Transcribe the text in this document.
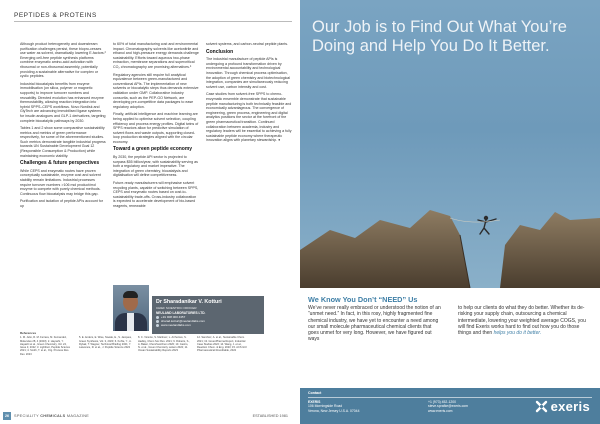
PEPTIDES & PROTEINS

Although product heterogeneity and downstream purification challenges persist, these biopro-cesses use water as solvent, dramatically lowering E-factors.² Emerging cell-free peptide synthesis platforms combine enzymatic amino-acid activation with ribosomal or non-ribosomal assembly, potentially providing a sustainable alternative for complex or cyclic peptides.

Industrial biocatalysis benefits from enzyme immobilisation (on silica, polymer or magnetic supports) to improve turnover numbers and reusability. Directed evolution has enhanced enzyme thermostability, allowing reaction integration into hybrid SPPS–CEPS workflows. Novo Nordisk and GlyTech are advancing immobilised ligase systems for insulin analogues and GLP-1 derivatives, targeting complete biocatalytic pathways by 2030.

Tables 1 and 2 show some comparative sustainability metrics and metrics of green performance respectively, for some of the aforementioned studies. Such metrics demonstrate tangible industrial progress towards UN Sustainable Development Goal 12 (Responsible Consumption & Production) while maintaining economic viability.

Challenges & future perspectives

While CEPS and enzymatic routes have proven conceptually sustainable, enzyme cost and solvent stability remain limitations. Industrial processes require turnover numbers >106 mol product/mol enzyme to compete with purely chemical methods. Continuous flow biocatalysis may bridge this gap.

Purification and isolation of peptide APIs account for up

to 60% of total manufacturing cost and environmental impact. Chromatography solvents like acetonitrile and ethanol and high-pressure energy demands challenge sustainability. Efforts toward aqueous two-phase extraction, membrane separations and supercritical CO₂ chromatography are promising alternatives.⁵

Regulatory agencies still require full analytical equivalence between green-manufactured and conventional APIs. The implementation of new solvents or biocatalytic steps thus demands extensive validation under GMP. Collaborative industry consortia, such as the PEP-GO Network, are developing pre-competitive data packages to ease regulatory adoption.

Finally, artificial intelligence and machine learning are being applied to optimise solvent selection, coupling efficiency and process energy profiles. Digital twins of SPPS reactors allow for predictive simulation of solvent flows and waste outputs, supporting closed-loop production strategies aligned with the circular economy.

Toward a green peptide economy

By 2030, the peptide API sector is projected to surpass $55 billion/year, with sustainability serving as both a regulatory and market imperative. The integration of green chemistry, biocatalysis and digitalisation will define competitiveness.

Future-ready manufacturers will emphasise solvent recycling plants, capable of switching between SPPS, CEPS and enzymatic routes based on cost-to-sustainability trade-offs. Cross-industry collaboration is expected to accelerate development of bio-based reagents, renewable

solvent systems, and carbon-neutral peptide plants.

Conclusion

The industrial manufacture of peptide APIs is undergoing a profound transformation driven by environmental accountability and technological innovation. Through chemical process optimisation, the adoption of green chemistry and biotechnological integration, companies are simultaneously reducing solvent use, carbon intensity and cost.

Case studies from solvent-free SPPS to chemo-enzymatic ensemble demonstrate that sustainable peptide manufacturing is both technically feasible and economically advantageous. The convergence of engineering, green process, engineering and digital analytics positions the sector at the forefront of the green pharmaceutical transition. Continued collaboration between academia, industry and regulatory leaders will be essential to achieving a fully sustainable peptide economy where therapeutic innovation aligns with planetary stewardship. ●

References
1. M. Julio, R. M. Ferrara, M. Fernandez, Molecules 28, 4 (2023); 2. Hayashi, Y. Hayashi et al., Green Chemistry, Vol. 24, Issue 3, 2022; 3. Lightfoot, Peptide Science 2021; 4. Smith, T. et al., Org. Process Res. Dev. 2023
5. E. Anders, E. Wise, Nowak, E., S. Jacques, Green Synthesis, Vol. 3, 2023; 6. Kohle, Y., A. Rybak, T. Wagner, Technical Briefing 2021; 7. Lawrence, R. et al., J. Peptide Science 2022
8. C. Vicente, S. Martinez, L. Arrhenius, S. Hadley, Chem Soc Rev. 2021; 9. Roberts, S., A. Baker, ChemSusChem 2020; 10. Castro, N. et al., Green Chemistry Letters 2022; 11. Ocean Sustainability Reports 2023
12. Sanchez, A. et al., Sustainable Chem. 2021; 13. GreenPharma Report, Industrial Case Studies 2022; 14. Wang, J. et al., Reaction Chem. & Eng. 2023; 15. ACS GCI Pharmaceutical Roundtable, 2022
Dr Sharadanikar V. Kotturi
CHIEF SCIENTIFIC OFFICER
NEULAND LABORATORIES LTD.
+91 908 000 4357
sharad.kotturi@neulandlabs.com
www.neulandlabs.com
26	SPECIALITY CHEMICALS MAGAZINE	ESTABLISHED 1981
Our Job is to Find Out What You’re Doing and Help You Do It Better.
We Know You Don’t “NEED” Us
We’ve never really embraced or understood the notion of an “unmet need.” In fact, in this rosy, highly fragmented fine chemical industry, we have yet to encounter a need among our small molecule pharmaceutical chemical clients that goes unmet for very long. However, we have figured out ways
to help our clients do what they do better. Whether its de-risking your supply chain, outsourcing a chemical intermediate, lowering your weighted average COGS, you will find Exeris works hard to find out how you do those things and then helps you do it better.
Contact
EXERIS
106 Morningside Road
Verona, New Jersey U.S.A. 07044
+1 (973) 452-1200
steve.sprafke@exeris.com
www.exeris.com	exeris
